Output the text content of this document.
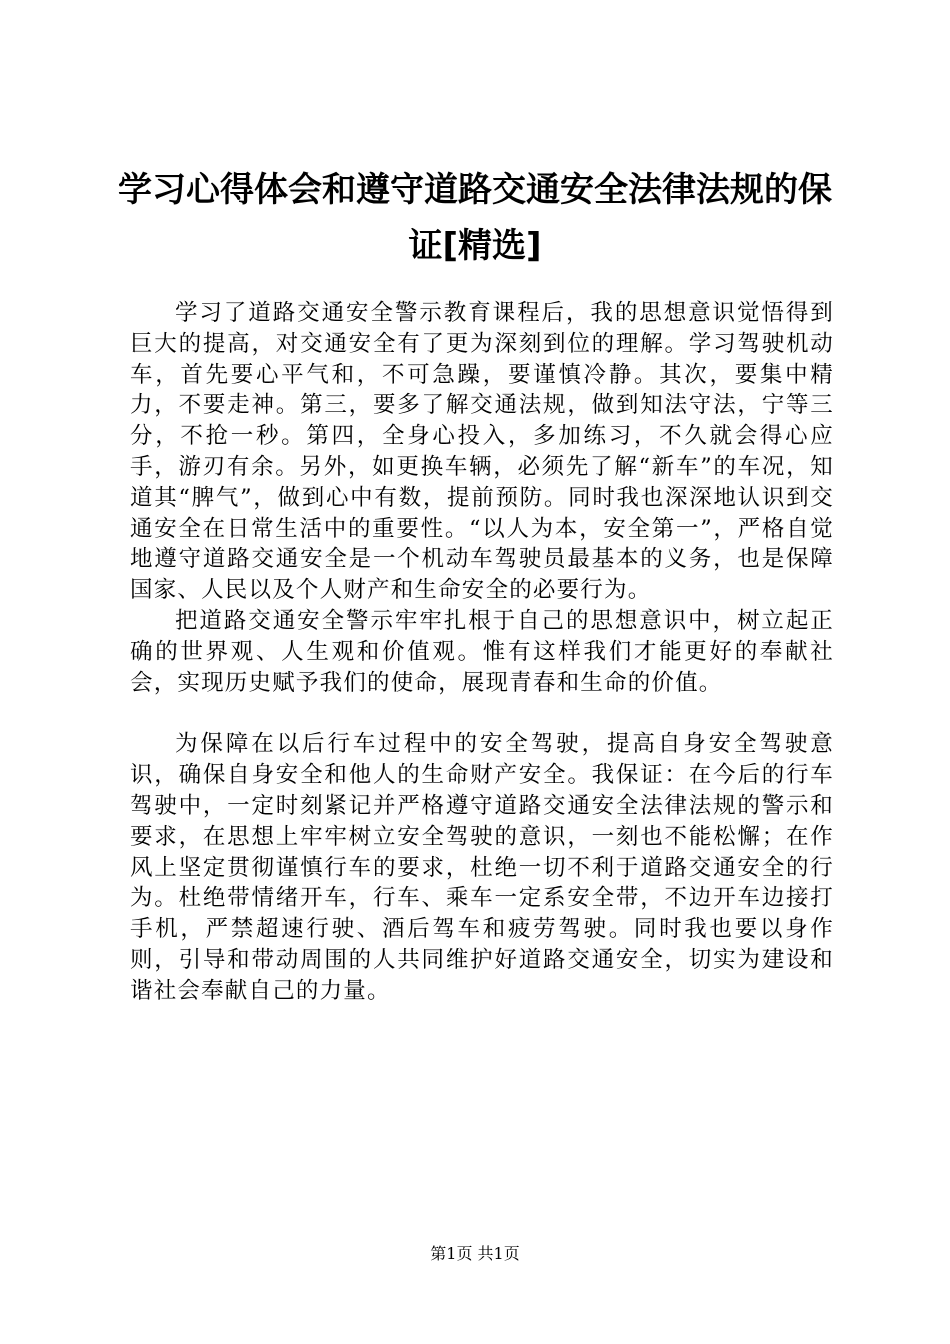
学习心得体会和遵守道路交通安全法律法规的保证[精选]

学习了道路交通安全警示教育课程后，我的思想意识觉悟得到巨大的提高，对交通安全有了更为深刻到位的理解。学习驾驶机动车，首先要心平气和，不可急躁，要谨慎冷静。其次，要集中精力，不要走神。第三，要多了解交通法规，做到知法守法，宁等三分，不抢一秒。第四，全身心投入，多加练习，不久就会得心应手，游刃有余。另外，如更换车辆，必须先了解“新车”的车况，知道其“脾气”，做到心中有数，提前预防。同时我也深深地认识到交通安全在日常生活中的重要性。“以人为本，安全第一”，严格自觉地遵守道路交通安全是一个机动车驾驶员最基本的义务，也是保障国家、人民以及个人财产和生命安全的必要行为。

把道路交通安全警示牢牢扎根于自己的思想意识中，树立起正确的世界观、人生观和价值观。惟有这样我们才能更好的奉献社会，实现历史赋予我们的使命，展现青春和生命的价值。

为保障在以后行车过程中的安全驾驶，提高自身安全驾驶意识，确保自身安全和他人的生命财产安全。我保证：在今后的行车驾驶中，一定时刻紧记并严格遵守道路交通安全法律法规的警示和要求，在思想上牢牢树立安全驾驶的意识，一刻也不能松懈；在作风上坚定贯彻谨慎行车的要求，杜绝一切不利于道路交通安全的行为。杜绝带情绪开车，行车、乘车一定系安全带，不边开车边接打手机，严禁超速行驶、酒后驾车和疲劳驾驶。同时我也要以身作则，引导和带动周围的人共同维护好道路交通安全，切实为建设和谐社会奉献自己的力量。

第1页 共1页
